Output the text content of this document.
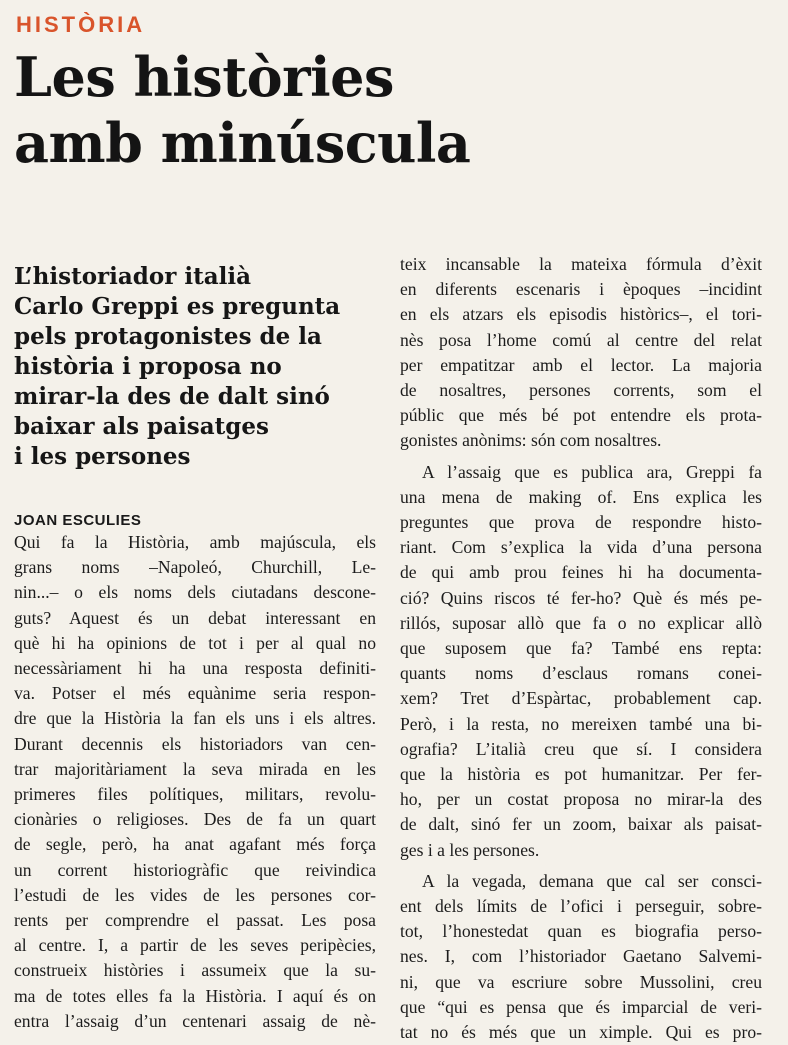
HISTÒRIA
Les històries
amb minúscula
L’historiador italià
Carlo Greppi es pregunta
pels protagonistes de la
història i proposa no
mirar-la des de dalt sinó
baixar als paisatges
i les persones
JOAN ESCULIES
Qui fa la Història, amb majúscula, els
grans noms –Napoleó, Churchill, Le-
nin...– o els noms dels ciutadans descone-
guts? Aquest és un debat interessant en
què hi ha opinions de tot i per al qual no
necessàriament hi ha una resposta definiti-
va. Potser el més equànime seria respon-
dre que la Història la fan els uns i els altres.
Durant decennis els historiadors van cen-
trar majoritàriament la seva mirada en les
primeres files polítiques, militars, revolu-
cionàries o religioses. Des de fa un quart
de segle, però, ha anat agafant més força
un corrent historiogràfic que reivindica
l’estudi de les vides de les persones cor-
rents per comprendre el passat. Les posa
al centre. I, a partir de les seves peripècies,
construeix històries i assumeix que la su-
ma de totes elles fa la Història. I aquí és on
entra l’assaig d’un centenari assaig de nè-
teix incansable la mateixa fórmula d’èxit
en diferents escenaris i èpoques –incidint
en els atzars els episodis històrics–, el tori-
nès posa l’home comú al centre del relat
per empatitzar amb el lector. La majoria
de nosaltres, persones corrents, som el
públic que més bé pot entendre els prota-
gonistes anònims: són com nosaltres.
A l’assaig que es publica ara, Greppi fa
una mena de making of. Ens explica les
preguntes que prova de respondre histo-
riant. Com s’explica la vida d’una persona
de qui amb prou feines hi ha documenta-
ció? Quins riscos té fer-ho? Què és més pe-
rillós, suposar allò que fa o no explicar allò
que suposem que fa? També ens repta:
quants noms d’esclaus romans conei-
xem? Tret d’Espàrtac, probablement cap.
Però, i la resta, no mereixen també una bi-
ografia? L’italià creu que sí. I considera
que la història es pot humanitzar. Per fer-
ho, per un costat proposa no mirar-la des
de dalt, sinó fer un zoom, baixar als paisat-
ges i a les persones.
A la vegada, demana que cal ser consci-
ent dels límits de l’ofici i perseguir, sobre-
tot, l’honestedat quan es biografia perso-
nes. I, com l’historiador Gaetano Salvemi-
ni, que va escriure sobre Mussolini, creu
que “qui es pensa que és imparcial de veri-
tat no és més que un ximple. Qui es pro-
